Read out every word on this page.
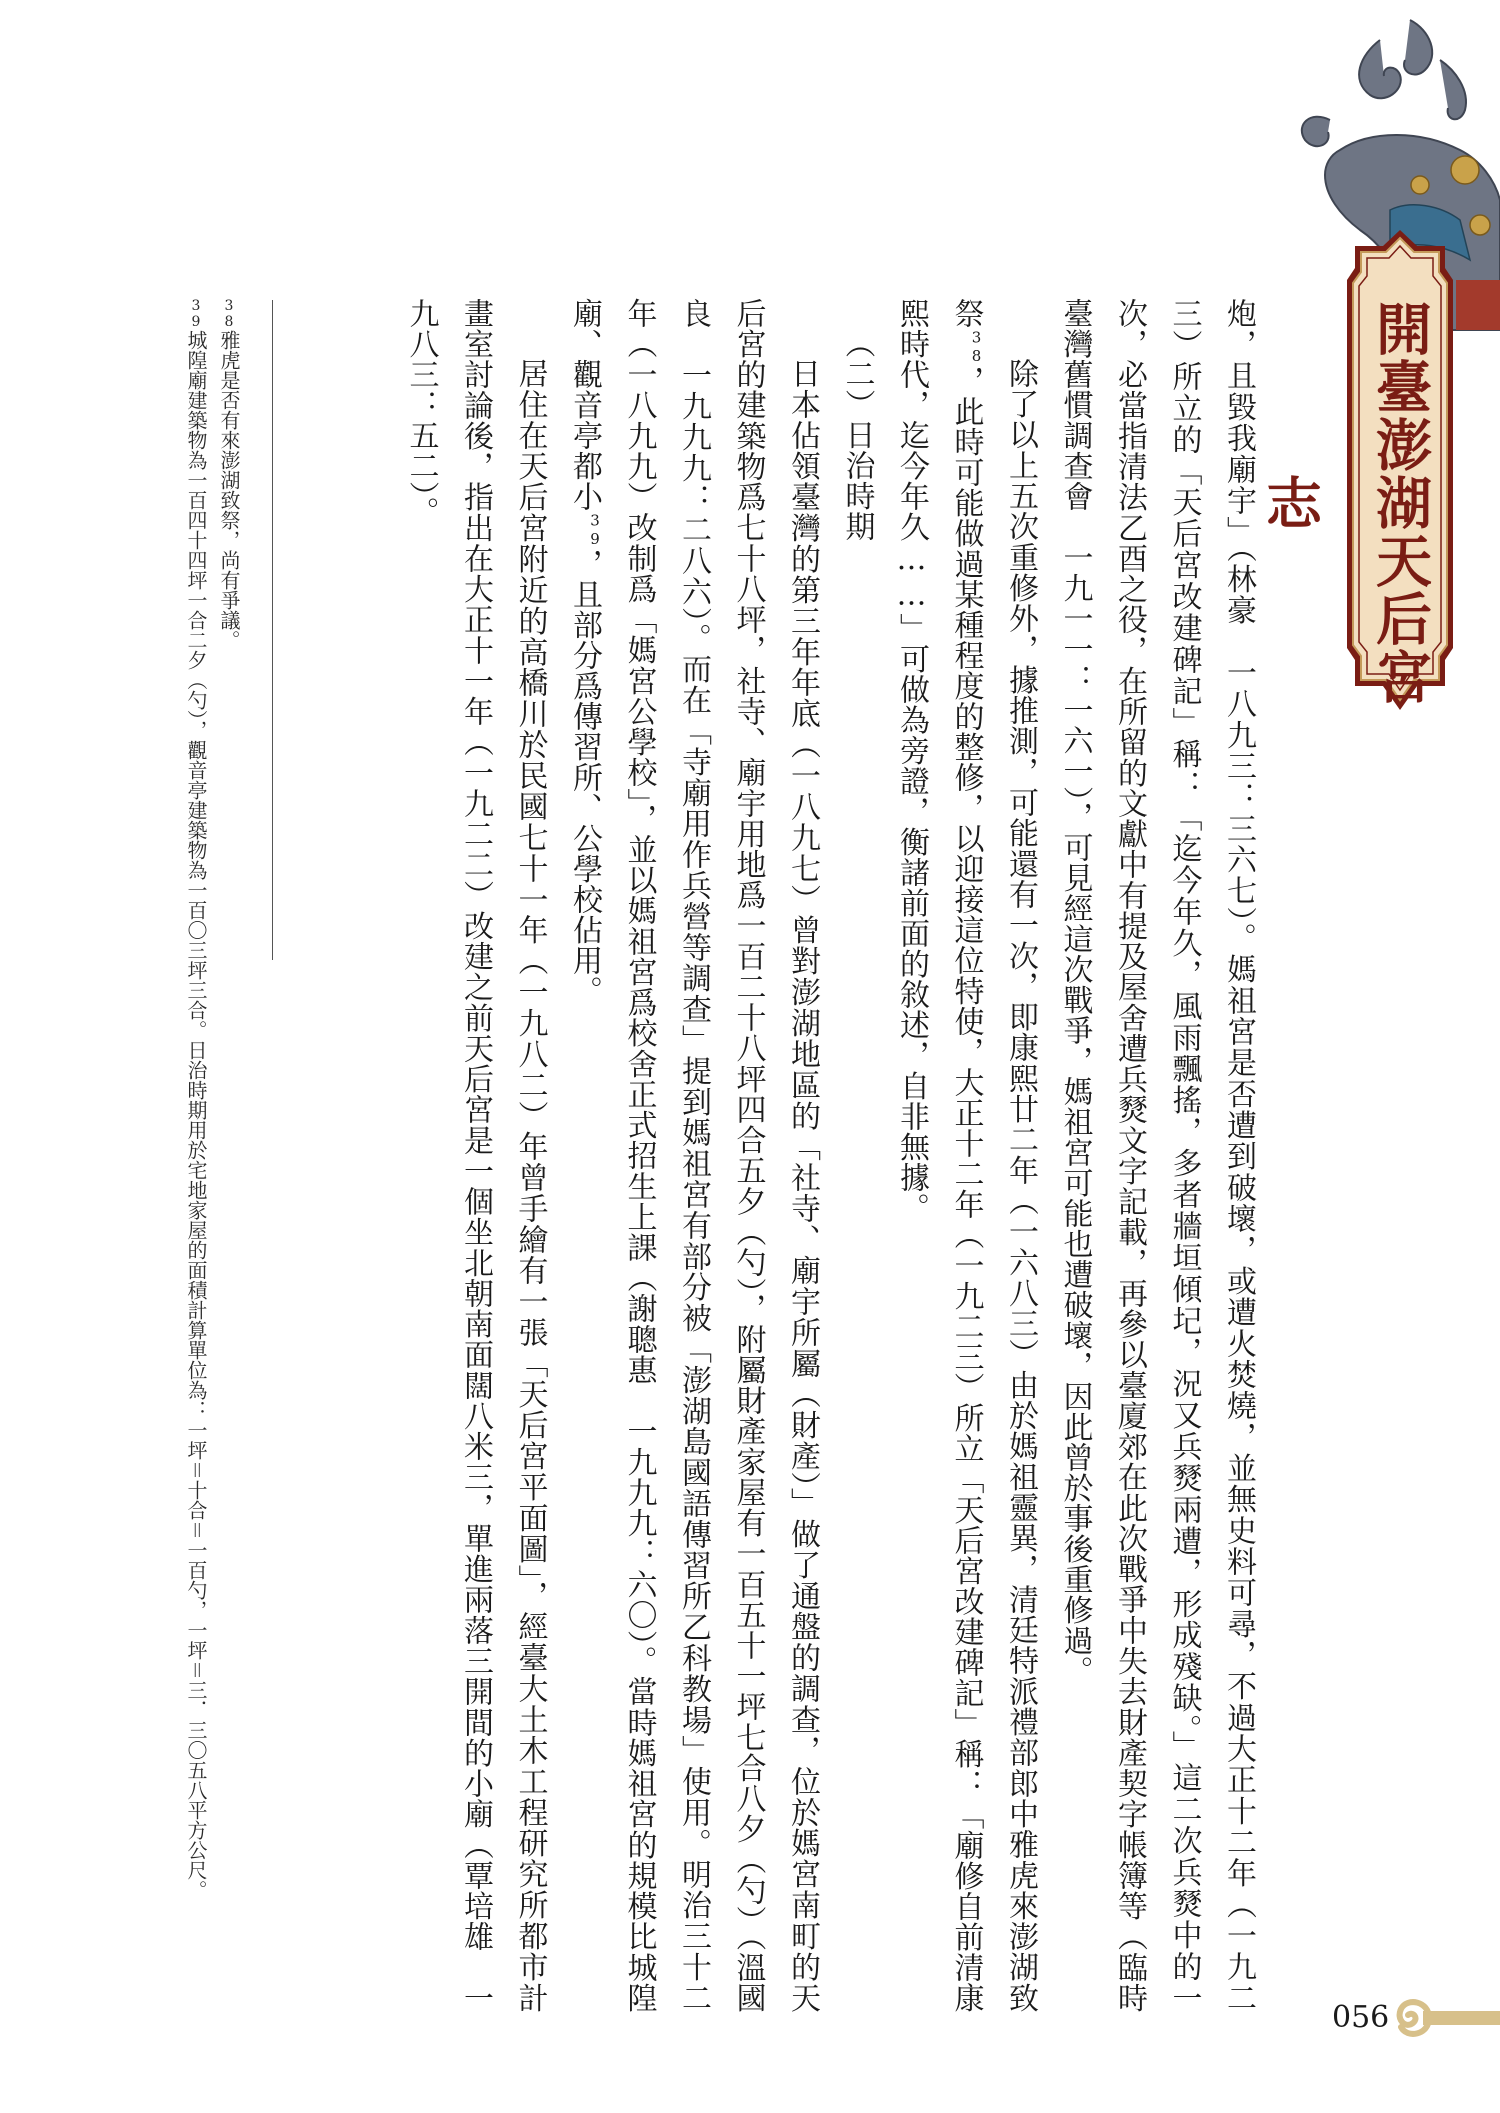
開臺澎湖天后宮志

炮，且毀我廟宇」（林豪　一八九三：三六七）。媽祖宮是否遭到破壞，或遭火焚燒，並無史料可尋，不過大正十二年（一九二三）所立的「天后宮改建碑記」稱：「迄今年久，風雨飄搖，多者牆垣傾圮，況又兵燹兩遭，形成殘缺。」這二次兵燹中的一次，必當指清法乙酉之役，在所留的文獻中有提及屋舍遭兵燹文字記載，再參以臺廈郊在此次戰爭中失去財產契字帳簿等（臨時臺灣舊慣調查會　一九一一：一六一），可見經這次戰爭，媽祖宮可能也遭破壞，因此曾於事後重修過。

除了以上五次重修外，據推測，可能還有一次，即康熙廿二年（一六八三）由於媽祖靈異，清廷特派禮部郎中雅虎來澎湖致祭$^{38}$，此時可能做過某種程度的整修，以迎接這位特使，大正十二年（一九二三）所立「天后宮改建碑記」稱：「廟修自前清康熙時代，迄今年久……」可做為旁證，衡諸前面的敘述，自非無據。

（二）日治時期

日本佔領臺灣的第三年年底（一八九七）曾對澎湖地區的「社寺、廟宇所屬（財產）」做了通盤的調查，位於媽宮南町的天后宮的建築物爲七十八坪，社寺、廟宇用地爲一百二十八坪四合五夕（勺），附屬財產家屋有一百五十一坪七合八夕（勺）（溫國良　一九九九：二八六）。而在「寺廟用作兵營等調查」提到媽祖宮有部分被「澎湖島國語傳習所乙科教場」使用。明治三十二年（一八九九）改制爲「媽宮公學校」，並以媽祖宮爲校舍正式招生上課（謝聰惠　一九九九：六〇）。當時媽祖宮的規模比城隍廟、觀音亭都小$^{39}$，且部分爲傳習所、公學校佔用。

居住在天后宮附近的高橋川於民國七十一年（一九八二）年曾手繪有一張「天后宮平面圖」，經臺大土木工程研究所都市計畫室討論後，指出在大正十一年（一九二二）改建之前天后宮是一個坐北朝南面闊八米三，單進兩落三開間的小廟（覃培雄　一九八三：五二）。

38雅虎是否有來澎湖致祭，尚有爭議。

39城隍廟建築物為一百四十四坪一合二夕（勺），觀音亭建築物為一百〇三坪三合。日治時期用於宅地家屋的面積計算單位為：一坪＝十合＝一百勺，一坪＝三．三〇五八平方公尺。

056
